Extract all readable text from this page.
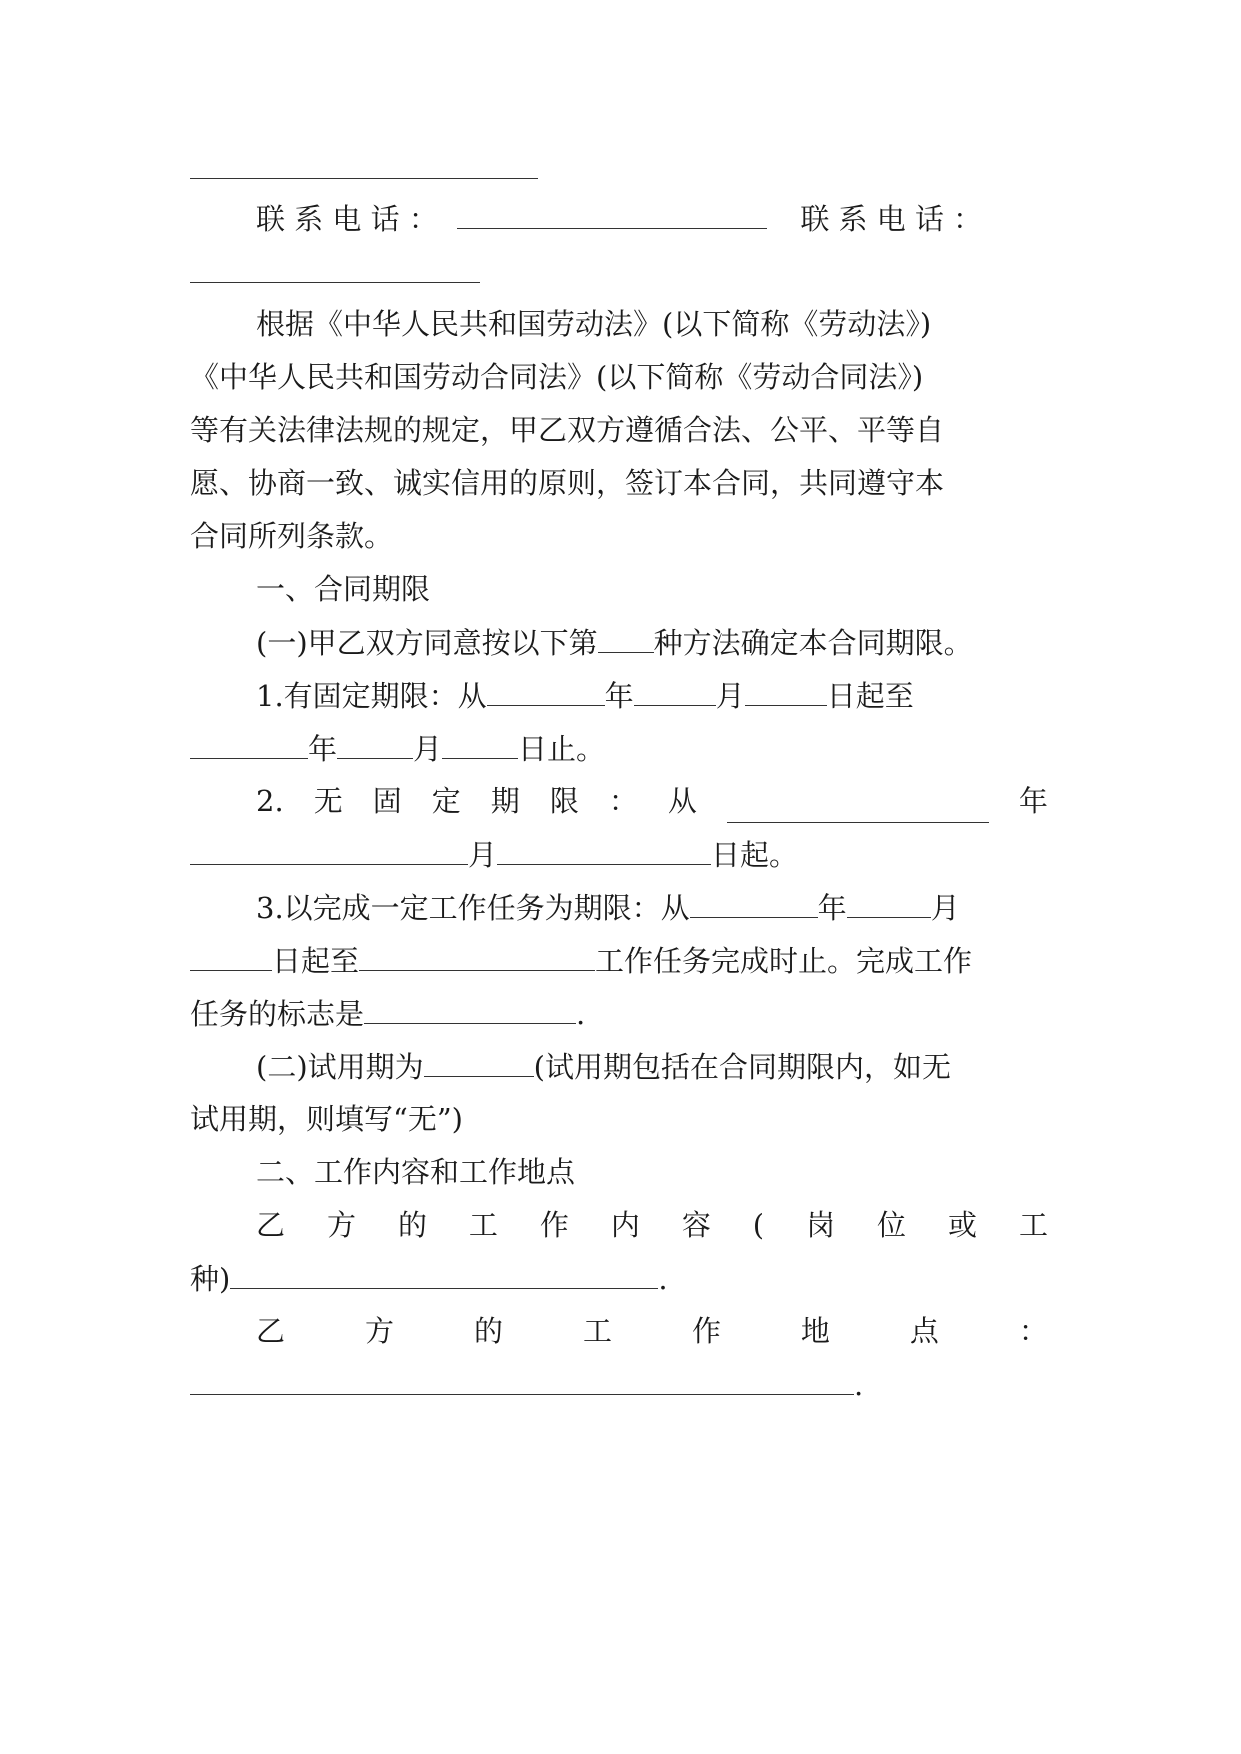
联 系 电 话 ：	联 系 电 话 ：
根据《中华人民共和国劳动法》(以下简称《劳动法》)
《中华人民共和国劳动合同法》(以下简称《劳动合同法》)
等有关法律法规的规定，甲乙双方遵循合法、公平、平等自
愿、协商一致、诚实信用的原则，签订本合同，共同遵守本
合同所列条款。
一、合同期限
(一)甲乙双方同意按以下第 种方法确定本合同期限。
1.有固定期限：从	年	月	日起至
年	月	日止。
2. 无 固 定 期 限 ： 从	年
月	日起。
3.以完成一定工作任务为期限：从	年	月
日起至	工作任务完成时止。完成工作
任务的标志是	.
(二)试用期为	(试用期包括在合同期限内，如无
试用期，则填写“无”)
二、工作内容和工作地点
乙 方 的 工 作 内 容 ( 岗 位 或 工
种)	.
乙	方	的	工	作	地	点	：
.
